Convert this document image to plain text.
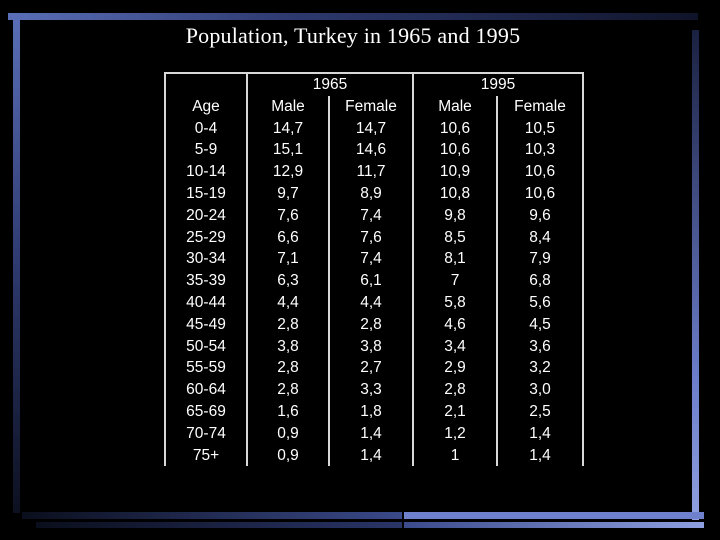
Population, Turkey in 1965 and 1995
	1965		1995	
Age	Male	Female	Male	Female
0-4	14,7	14,7	10,6	10,5
5-9	15,1	14,6	10,6	10,3
10-14	12,9	11,7	10,9	10,6
15-19	9,7	8,9	10,8	10,6
20-24	7,6	7,4	9,8	9,6
25-29	6,6	7,6	8,5	8,4
30-34	7,1	7,4	8,1	7,9
35-39	6,3	6,1	7	6,8
40-44	4,4	4,4	5,8	5,6
45-49	2,8	2,8	4,6	4,5
50-54	3,8	3,8	3,4	3,6
55-59	2,8	2,7	2,9	3,2
60-64	2,8	3,3	2,8	3,0
65-69	1,6	1,8	2,1	2,5
70-74	0,9	1,4	1,2	1,4
75+	0,9	1,4	1	1,4
